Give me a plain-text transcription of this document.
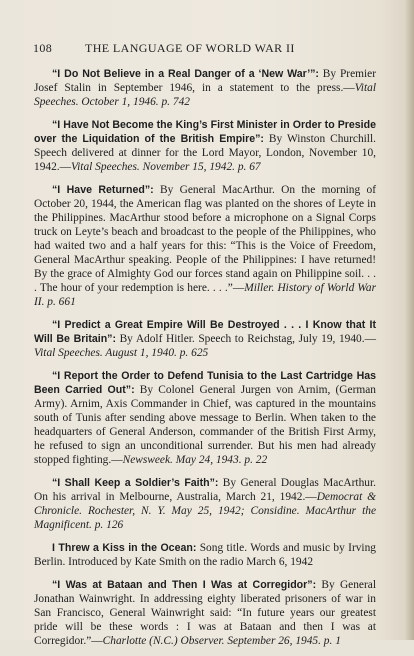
108	THE LANGUAGE OF WORLD WAR II

“I Do Not Believe in a Real Danger of a ‘New War’”: By Premier Josef Stalin in September 1946, in a statement to the press.—Vital Speeches. October 1, 1946. p. 742

“I Have Not Become the King’s First Minister in Order to Preside over the Liquidation of the British Empire”: By Winston Churchill. Speech delivered at dinner for the Lord Mayor, London, November 10, 1942.—Vital Speeches. November 15, 1942. p. 67

“I Have Returned”: By General MacArthur. On the morning of October 20, 1944, the American flag was planted on the shores of Leyte in the Philippines. MacArthur stood before a microphone on a Signal Corps truck on Leyte’s beach and broadcast to the people of the Philippines, who had waited two and a half years for this: “This is the Voice of Freedom, General MacArthur speaking. People of the Philippines: I have returned! By the grace of Almighty God our forces stand again on Philippine soil. . . . The hour of your redemption is here. . . .”—Miller. History of World War II. p. 661

“I Predict a Great Empire Will Be Destroyed . . . I Know that It Will Be Britain”: By Adolf Hitler. Speech to Reichstag, July 19, 1940.—Vital Speeches. August 1, 1940. p. 625

“I Report the Order to Defend Tunisia to the Last Cartridge Has Been Carried Out”: By Colonel General Jurgen von Arnim, (German Army). Arnim, Axis Commander in Chief, was captured in the mountains south of Tunis after sending above message to Berlin. When taken to the headquarters of General Anderson, commander of the British First Army, he refused to sign an unconditional surrender. But his men had already stopped fighting.—Newsweek. May 24, 1943. p. 22

“I Shall Keep a Soldier’s Faith”: By General Douglas MacArthur. On his arrival in Melbourne, Australia, March 21, 1942.—Democrat & Chronicle. Rochester, N. Y. May 25, 1942; Considine. MacArthur the Magnificent. p. 126

I Threw a Kiss in the Ocean: Song title. Words and music by Irving Berlin. Introduced by Kate Smith on the radio March 6, 1942

“I Was at Bataan and Then I Was at Corregidor”: By General Jonathan Wainwright. In addressing eighty liberated prisoners of war in San Francisco, General Wainwright said: “In future years our greatest pride will be these words : I was at Bataan and then I was at Corregidor.”—Charlotte (N.C.) Observer. September 26, 1945. p. 1
